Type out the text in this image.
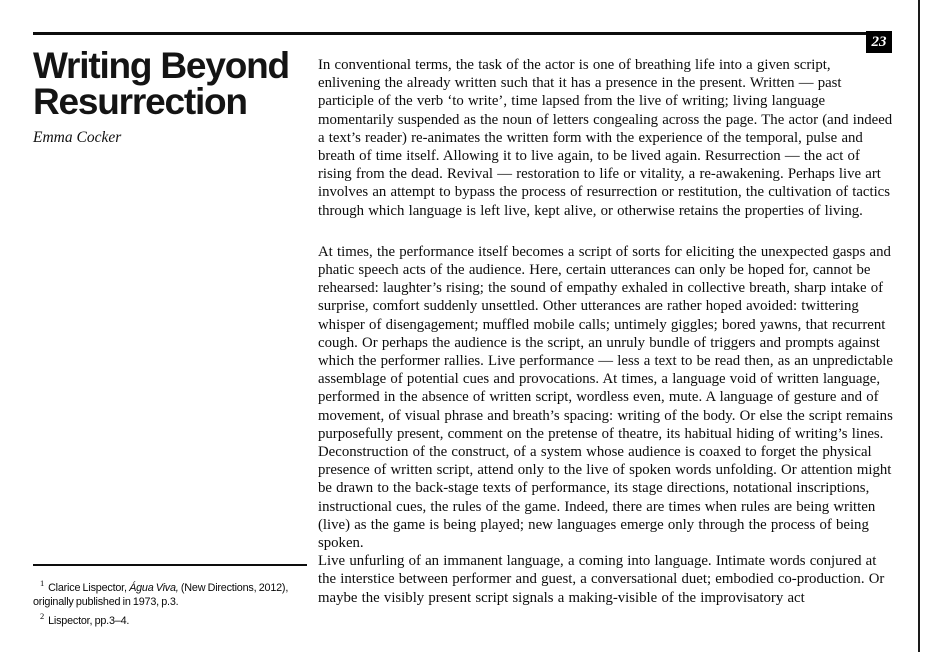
23
Writing Beyond
Resurrection

Emma Cocker

In conventional terms, the task of the actor is one of breathing life into a given script, enlivening the already written such that it has a presence in the present. Written — past participle of the verb ‘to write’, time lapsed from the live of writing; living language momentarily suspended as the noun of letters congealing across the page. The actor (and indeed a text’s reader) re-animates the written form with the experience of the temporal, pulse and breath of time itself. Allowing it to live again, to be lived again. Resurrection — the act of rising from the dead. Revival — restoration to life or vitality, a re-awakening. Perhaps live art involves an attempt to bypass the process of resurrection or restitution, the cultivation of tactics through which language is left live, kept alive, or otherwise retains the properties of living.

At times, the performance itself becomes a script of sorts for eliciting the unexpected gasps and phatic speech acts of the audience. Here, certain utterances can only be hoped for, cannot be rehearsed: laughter’s rising; the sound of empathy exhaled in collective breath, sharp intake of surprise, comfort suddenly unsettled. Other utterances are rather hoped avoided: twittering whisper of disengagement; muffled mobile calls; untimely giggles; bored yawns, that recurrent cough. Or perhaps the audience is the script, an unruly bundle of triggers and prompts against which the performer rallies. Live performance — less a text to be read then, as an unpredictable assemblage of potential cues and provocations. At times, a language void of written language, performed in the absence of written script, wordless even, mute. A language of gesture and of movement, of visual phrase and breath’s spacing: writing of the body. Or else the script remains purposefully present, comment on the pretense of theatre, its habitual hiding of writing’s lines. Deconstruction of the construct, of a system whose audience is coaxed to forget the physical presence of written script, attend only to the live of spoken words unfolding. Or attention might be drawn to the back-stage texts of performance, its stage directions, notational inscriptions, instructional cues, the rules of the game. Indeed, there are times when rules are being written (live) as the game is being played; new languages emerge only through the process of being spoken.

Live unfurling of an immanent language, a coming into language. Intimate words conjured at the interstice between performer and guest, a conversational duet; embodied co-production. Or maybe the visibly present script signals a making-visible of the improvisatory act

$^1$ Clarice Lispector, Água Viva, (New Directions, 2012), originally published in 1973, p.3.

$^2$ Lispector, pp.3–4.
